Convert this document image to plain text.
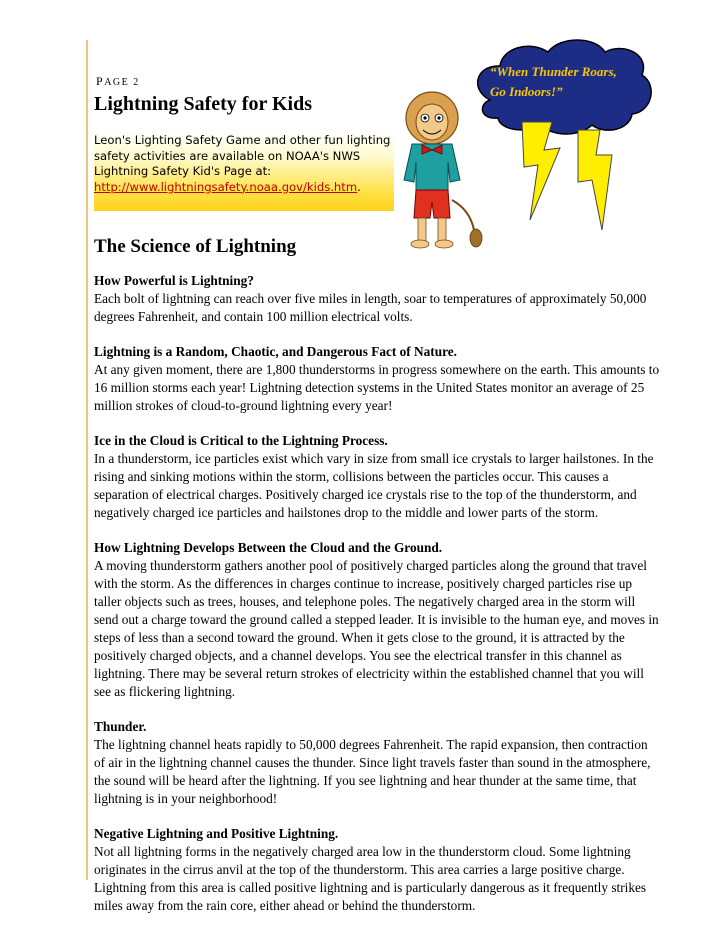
PAGE 2
Lightning Safety for Kids
Leon's Lighting Safety Game and other fun lighting safety activities are available on NOAA's NWS Lightning Safety Kid's Page at: http://www.lightningsafety.noaa.gov/kids.htm.
“When Thunder Roars, Go Indoors!”
The Science of Lightning
How Powerful is Lightning?
Each bolt of lightning can reach over five miles in length, soar to temperatures of approximately 50,000 degrees Fahrenheit, and contain 100 million electrical volts.
Lightning is a Random, Chaotic, and Dangerous Fact of Nature.
At any given moment, there are 1,800 thunderstorms in progress somewhere on the earth. This amounts to 16 million storms each year! Lightning detection systems in the United States monitor an average of 25 million strokes of cloud-to-ground lightning every year!
Ice in the Cloud is Critical to the Lightning Process.
In a thunderstorm, ice particles exist which vary in size from small ice crystals to larger hailstones. In the rising and sinking motions within the storm, collisions between the particles occur. This causes a separation of electrical charges. Positively charged ice crystals rise to the top of the thunderstorm, and negatively charged ice particles and hailstones drop to the middle and lower parts of the storm.
How Lightning Develops Between the Cloud and the Ground.
A moving thunderstorm gathers another pool of positively charged particles along the ground that travel with the storm. As the differences in charges continue to increase, positively charged particles rise up taller objects such as trees, houses, and telephone poles. The negatively charged area in the storm will send out a charge toward the ground called a stepped leader. It is invisible to the human eye, and moves in steps of less than a second toward the ground. When it gets close to the ground, it is attracted by the positively charged objects, and a channel develops. You see the electrical transfer in this channel as lightning. There may be several return strokes of electricity within the established channel that you will see as flickering lightning.
Thunder.
The lightning channel heats rapidly to 50,000 degrees Fahrenheit. The rapid expansion, then contraction of air in the lightning channel causes the thunder. Since light travels faster than sound in the atmosphere, the sound will be heard after the lightning. If you see lightning and hear thunder at the same time, that lightning is in your neighborhood!
Negative Lightning and Positive Lightning.
Not all lightning forms in the negatively charged area low in the thunderstorm cloud. Some lightning originates in the cirrus anvil at the top of the thunderstorm. This area carries a large positive charge. Lightning from this area is called positive lightning and is particularly dangerous as it frequently strikes miles away from the rain core, either ahead or behind the thunderstorm.
